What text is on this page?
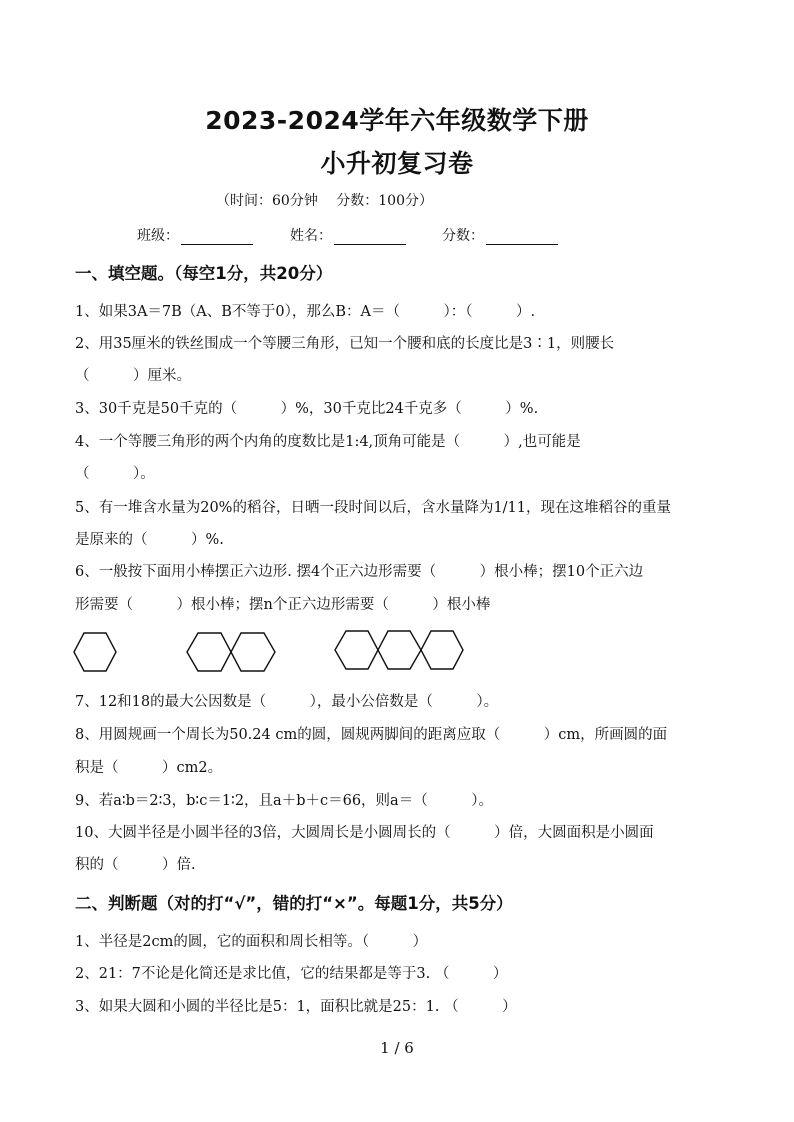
2023-2024学年六年级数学下册
小升初复习卷
（时间：60分钟　 分数：100分）
班级：	姓名：	分数：
一、填空题。（每空1分，共20分）
1、如果3A＝7B（A、B不等于0），那么B：A＝（　　　）：（　　　）.
2、用35厘米的铁丝围成一个等腰三角形，已知一个腰和底的长度比是3∶1，则腰长
（　　　）厘米。
3、30千克是50千克的（　　　）%，30千克比24千克多（　　　）%.
4、一个等腰三角形的两个内角的度数比是1:4,顶角可能是（　　　）,也可能是
（　　　）。
5、有一堆含水量为20%的稻谷，日晒一段时间以后，含水量降为1/11，现在这堆稻谷的重量
是原来的（　　　）%.
6、一般按下面用小棒摆正六边形. 摆4个正六边形需要（　　　）根小棒；摆10个正六边
形需要（　　　）根小棒；摆n个正六边形需要（　　　）根小棒
7、12和18的最大公因数是（　　　），最小公倍数是（　　　）。
8、用圆规画一个周长为50.24 cm的圆，圆规两脚间的距离应取（　　　）cm，所画圆的面
积是（　　　）cm2。
9、若a∶b＝2∶3，b∶c＝1∶2，且a＋b＋c＝66，则a＝（　　　）。
10、大圆半径是小圆半径的3倍，大圆周长是小圆周长的（　　　）倍，大圆面积是小圆面
积的（　　　）倍.
二、判断题（对的打“√”，错的打“×”。每题1分，共5分）
1、半径是2cm的圆，它的面积和周长相等。（　　　）
2、21：7不论是化简还是求比值，它的结果都是等于3. （　　　）
3、如果大圆和小圆的半径比是5：1，面积比就是25：1. （　　　）
1 / 6
